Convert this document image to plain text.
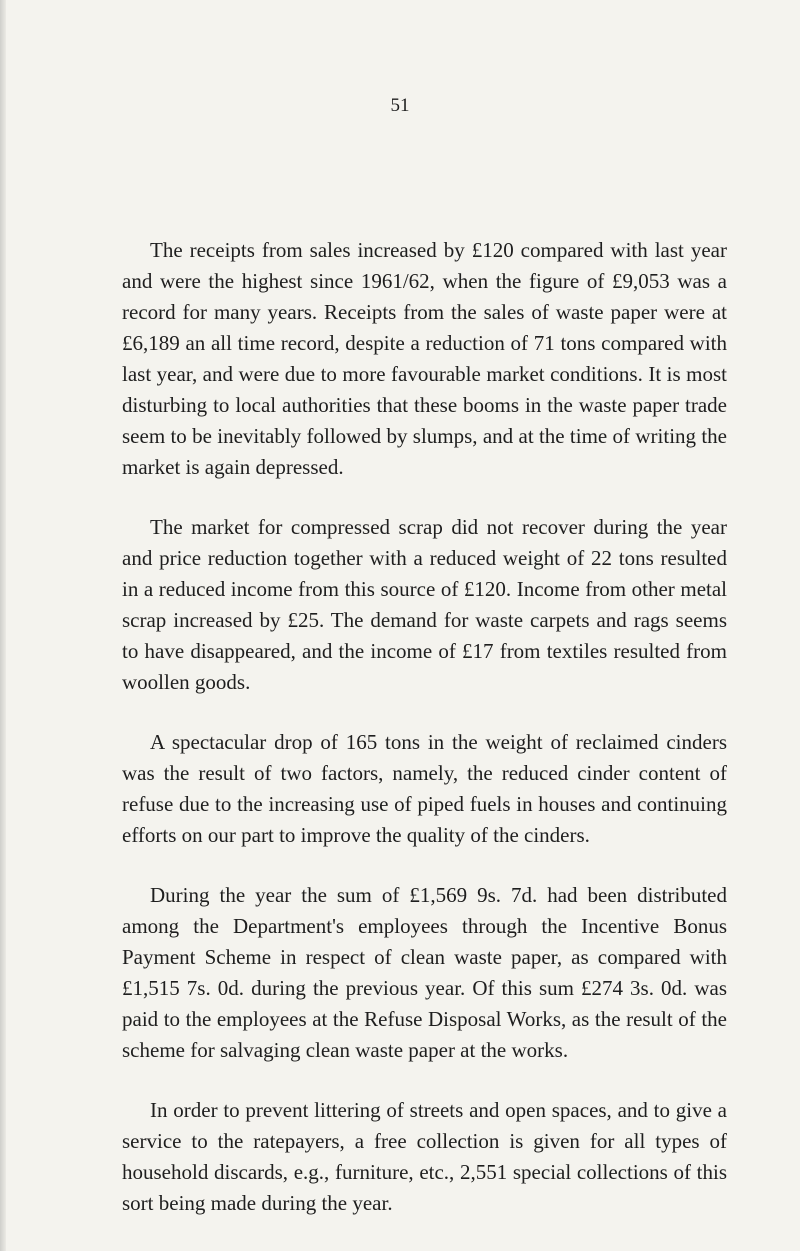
51

The receipts from sales increased by £120 compared with last year and were the highest since 1961/62, when the figure of £9,053 was a record for many years. Receipts from the sales of waste paper were at £6,189 an all time record, despite a reduction of 71 tons compared with last year, and were due to more favourable market conditions. It is most disturbing to local authorities that these booms in the waste paper trade seem to be inevitably followed by slumps, and at the time of writing the market is again depressed.

The market for compressed scrap did not recover during the year and price reduction together with a reduced weight of 22 tons resulted in a reduced income from this source of £120. Income from other metal scrap increased by £25. The demand for waste carpets and rags seems to have disappeared, and the income of £17 from textiles resulted from woollen goods.

A spectacular drop of 165 tons in the weight of reclaimed cinders was the result of two factors, namely, the reduced cinder content of refuse due to the increasing use of piped fuels in houses and continuing efforts on our part to improve the quality of the cinders.

During the year the sum of £1,569 9s. 7d. had been distributed among the Department's employees through the Incentive Bonus Payment Scheme in respect of clean waste paper, as compared with £1,515 7s. 0d. during the previous year. Of this sum £274 3s. 0d. was paid to the employees at the Refuse Disposal Works, as the result of the scheme for salvaging clean waste paper at the works.

In order to prevent littering of streets and open spaces, and to give a service to the ratepayers, a free collection is given for all types of household discards, e.g., furniture, etc., 2,551 special collections of this sort being made during the year.
